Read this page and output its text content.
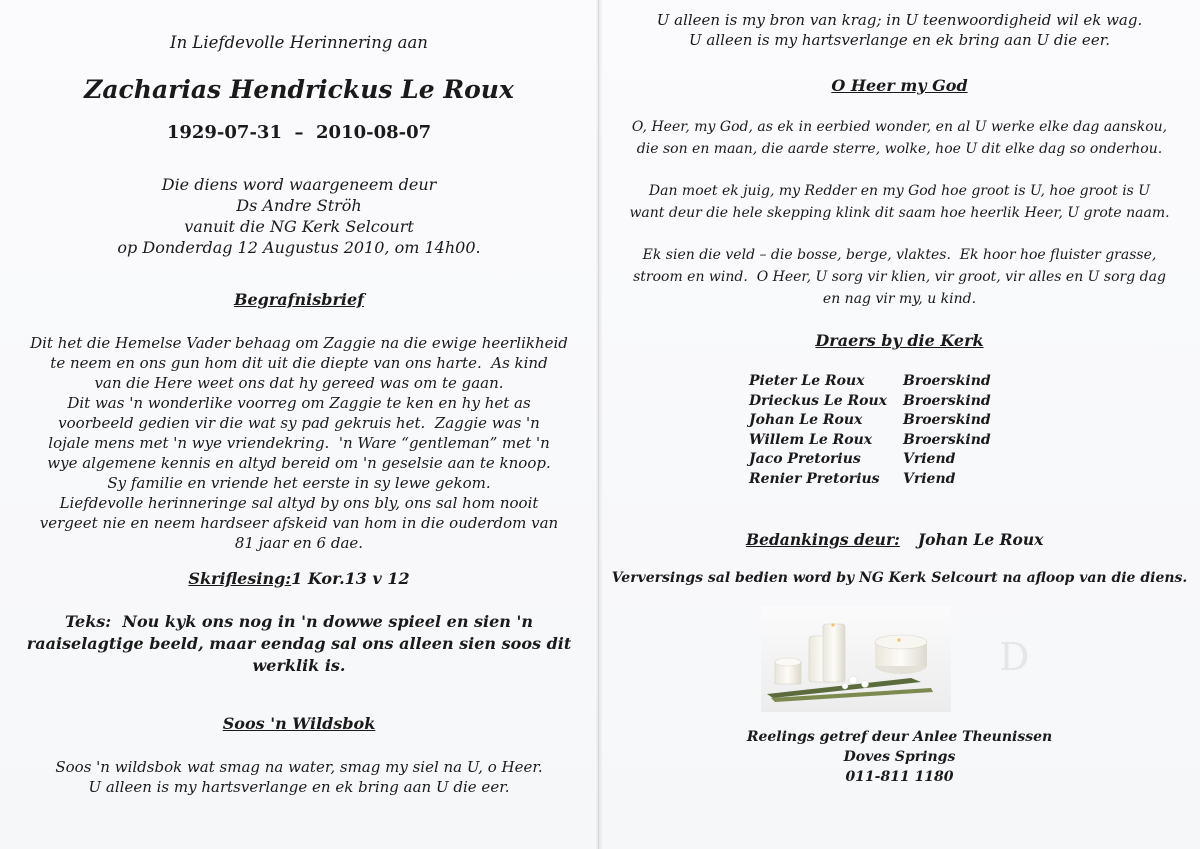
In Liefdevolle Herinnering aan
Zacharias Hendrickus Le Roux
1929-07-31  –  2010-08-07
Die diens word waargeneem deur
Ds Andre Ströh
vanuit die NG Kerk Selcourt
op Donderdag 12 Augustus 2010, om 14h00.
Begrafnisbrief
Dit het die Hemelse Vader behaag om Zaggie na die ewige heerlikheid
te neem en ons gun hom dit uit die diepte van ons harte.  As kind
van die Here weet ons dat hy gereed was om te gaan.
Dit was 'n wonderlike voorreg om Zaggie te ken en hy het as
voorbeeld gedien vir die wat sy pad gekruis het.  Zaggie was 'n
lojale mens met 'n wye vriendekring.  'n Ware “gentleman” met 'n
wye algemene kennis en altyd bereid om 'n geselsie aan te knoop.
Sy familie en vriende het eerste in sy lewe gekom.
Liefdevolle herinneringe sal altyd by ons bly, ons sal hom nooit
vergeet nie en neem hardseer afskeid van hom in die ouderdom van
81 jaar en 6 dae.
Skriflesing:1 Kor.13 v 12
Teks:  Nou kyk ons nog in 'n dowwe spieel en sien 'n
raaiselagtige beeld, maar eendag sal ons alleen sien soos dit
werklik is.
Soos 'n Wildsbok
Soos 'n wildsbok wat smag na water, smag my siel na U, o Heer.
U alleen is my hartsverlange en ek bring aan U die eer.
U alleen is my bron van krag; in U teenwoordigheid wil ek wag.
U alleen is my hartsverlange en ek bring aan U die eer.
O Heer my God
O, Heer, my God, as ek in eerbied wonder, en al U werke elke dag aanskou,
die son en maan, die aarde sterre, wolke, hoe U dit elke dag so onderhou.
Dan moet ek juig, my Redder en my God hoe groot is U, hoe groot is U
want deur die hele skepping klink dit saam hoe heerlik Heer, U grote naam.
Ek sien die veld – die bosse, berge, vlaktes.  Ek hoor hoe fluister grasse,
stroom en wind.  O Heer, U sorg vir klien, vir groot, vir alles en U sorg dag
en nag vir my, u kind.
Draers by die Kerk
Pieter Le Roux	Broerskind
Drieckus Le Roux	Broerskind
Johan Le Roux	Broerskind
Willem Le Roux	Broerskind
Jaco Pretorius	Vriend
Renier Pretorius	Vriend
Bedankings deur: Johan Le Roux
Verversings sal bedien word by NG Kerk Selcourt na afloop van die diens.
D
Reelings getref deur Anlee Theunissen
Doves Springs
011-811 1180
